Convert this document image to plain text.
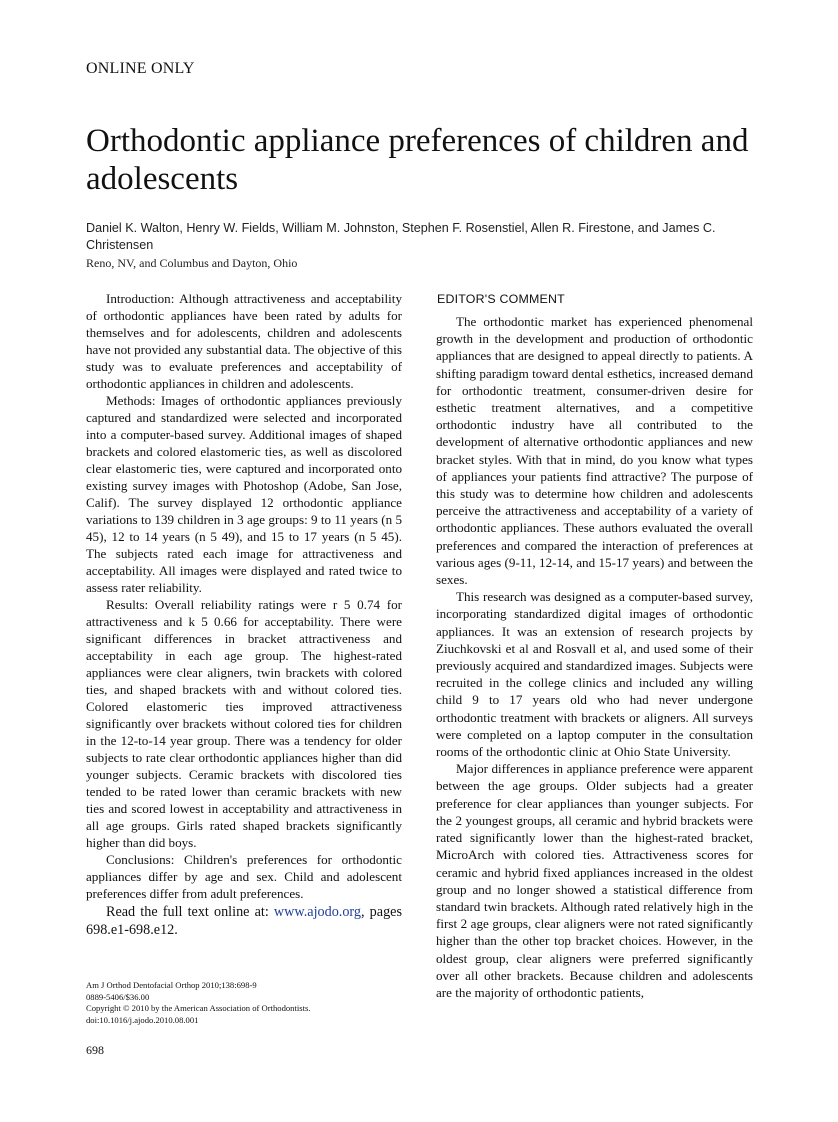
ONLINE ONLY
Orthodontic appliance preferences of children and adolescents
Daniel K. Walton, Henry W. Fields, William M. Johnston, Stephen F. Rosenstiel, Allen R. Firestone, and James C. Christensen
Reno, NV, and Columbus and Dayton, Ohio

Introduction: Although attractiveness and acceptability of orthodontic appliances have been rated by adults for themselves and for adolescents, children and adolescents have not provided any substantial data. The objective of this study was to evaluate preferences and acceptability of orthodontic appliances in children and adolescents.

Methods: Images of orthodontic appliances previously captured and standardized were selected and incorporated into a computer-based survey. Additional images of shaped brackets and colored elastomeric ties, as well as discolored clear elastomeric ties, were captured and incorporated onto existing survey images with Photoshop (Adobe, San Jose, Calif). The survey displayed 12 orthodontic appliance variations to 139 children in 3 age groups: 9 to 11 years (n 5 45), 12 to 14 years (n 5 49), and 15 to 17 years (n 5 45). The subjects rated each image for attractiveness and acceptability. All images were displayed and rated twice to assess rater reliability.

Results: Overall reliability ratings were r 5 0.74 for attractiveness and k 5 0.66 for acceptability. There were significant differences in bracket attractiveness and acceptability in each age group. The highest-rated appliances were clear aligners, twin brackets with colored ties, and shaped brackets with and without colored ties. Colored elastomeric ties improved attractiveness significantly over brackets without colored ties for children in the 12-to-14 year group. There was a tendency for older subjects to rate clear orthodontic appliances higher than did younger subjects. Ceramic brackets with discolored ties tended to be rated lower than ceramic brackets with new ties and scored lowest in acceptability and attractiveness in all age groups. Girls rated shaped brackets significantly higher than did boys.

Conclusions: Children's preferences for orthodontic appliances differ by age and sex. Child and adolescent preferences differ from adult preferences.

Read the full text online at: www.ajodo.org, pages 698.e1-698.e12.

Am J Orthod Dentofacial Orthop 2010;138:698-9
0889-5406/$36.00
Copyright © 2010 by the American Association of Orthodontists.
doi:10.1016/j.ajodo.2010.08.001
698
EDITOR'S COMMENT

The orthodontic market has experienced phenomenal growth in the development and production of orthodontic appliances that are designed to appeal directly to patients. A shifting paradigm toward dental esthetics, increased demand for orthodontic treatment, consumer-driven desire for esthetic treatment alternatives, and a competitive orthodontic industry have all contributed to the development of alternative orthodontic appliances and new bracket styles. With that in mind, do you know what types of appliances your patients find attractive? The purpose of this study was to determine how children and adolescents perceive the attractiveness and acceptability of a variety of orthodontic appliances. These authors evaluated the overall preferences and compared the interaction of preferences at various ages (9-11, 12-14, and 15-17 years) and between the sexes.

This research was designed as a computer-based survey, incorporating standardized digital images of orthodontic appliances. It was an extension of research projects by Ziuchkovski et al and Rosvall et al, and used some of their previously acquired and standardized images. Subjects were recruited in the college clinics and included any willing child 9 to 17 years old who had never undergone orthodontic treatment with brackets or aligners. All surveys were completed on a laptop computer in the consultation rooms of the orthodontic clinic at Ohio State University.

Major differences in appliance preference were apparent between the age groups. Older subjects had a greater preference for clear appliances than younger subjects. For the 2 youngest groups, all ceramic and hybrid brackets were rated significantly lower than the highest-rated bracket, MicroArch with colored ties. Attractiveness scores for ceramic and hybrid fixed appliances increased in the oldest group and no longer showed a statistical difference from standard twin brackets. Although rated relatively high in the first 2 age groups, clear aligners were not rated significantly higher than the other top bracket choices. However, in the oldest group, clear aligners were preferred significantly over all other brackets. Because children and adolescents are the majority of orthodontic patients,
